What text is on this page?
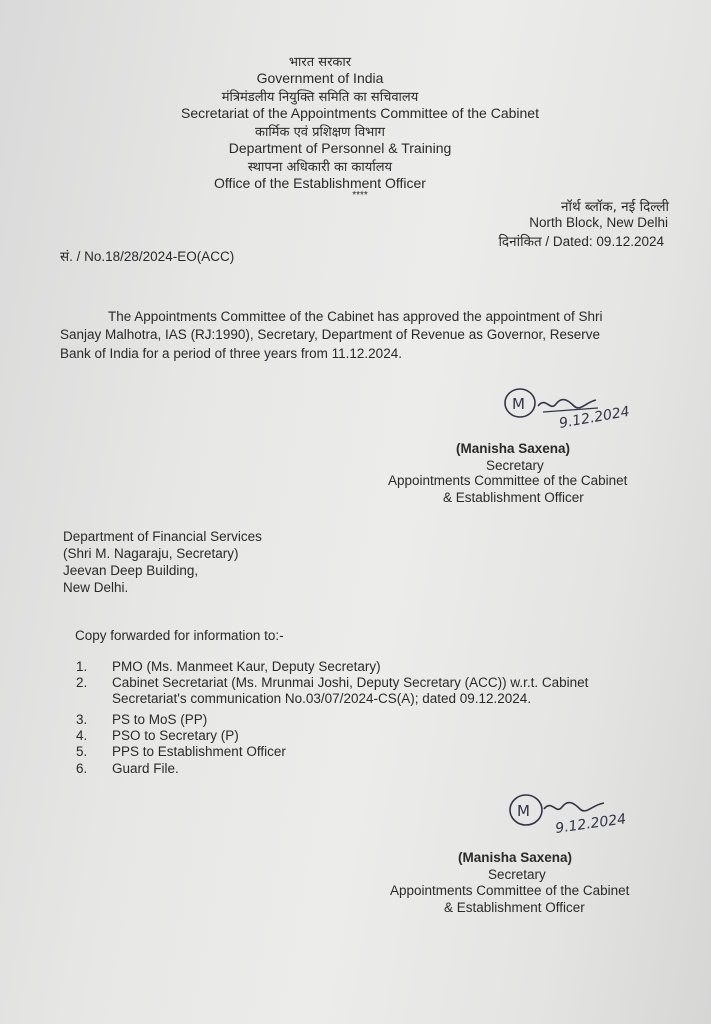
भारत सरकार
Government of India
मंत्रिमंडलीय नियुक्ति समिति का सचिवालय
Secretariat of the Appointments Committee of the Cabinet
कार्मिक एवं प्रशिक्षण विभाग
Department of Personnel & Training
स्थापना अधिकारी का कार्यालय
Office of the Establishment Officer
****
नॉर्थ ब्लॉक, नई दिल्ली
North Block, New Delhi
दिनांकित / Dated: 09.12.2024
सं. / No.18/28/2024-EO(ACC)
The Appointments Committee of the Cabinet has approved the appointment of Shri
Sanjay Malhotra, IAS (RJ:1990), Secretary, Department of Revenue as Governor, Reserve
Bank of India for a period of three years from 11.12.2024.
M 9.12.2024
(Manisha Saxena)
Secretary
Appointments Committee of the Cabinet
& Establishment Officer
Department of Financial Services
(Shri M. Nagaraju, Secretary)
Jeevan Deep Building,
New Delhi.
Copy forwarded for information to:-
1. PMO (Ms. Manmeet Kaur, Deputy Secretary)
2. Cabinet Secretariat (Ms. Mrunmai Joshi, Deputy Secretary (ACC)) w.r.t. Cabinet
Secretariat's communication No.03/07/2024-CS(A); dated 09.12.2024.
3. PS to MoS (PP)
4. PSO to Secretary (P)
5. PPS to Establishment Officer
6. Guard File.
M
9.12.2024
(Manisha Saxena)
Secretary
Appointments Committee of the Cabinet
& Establishment Officer
